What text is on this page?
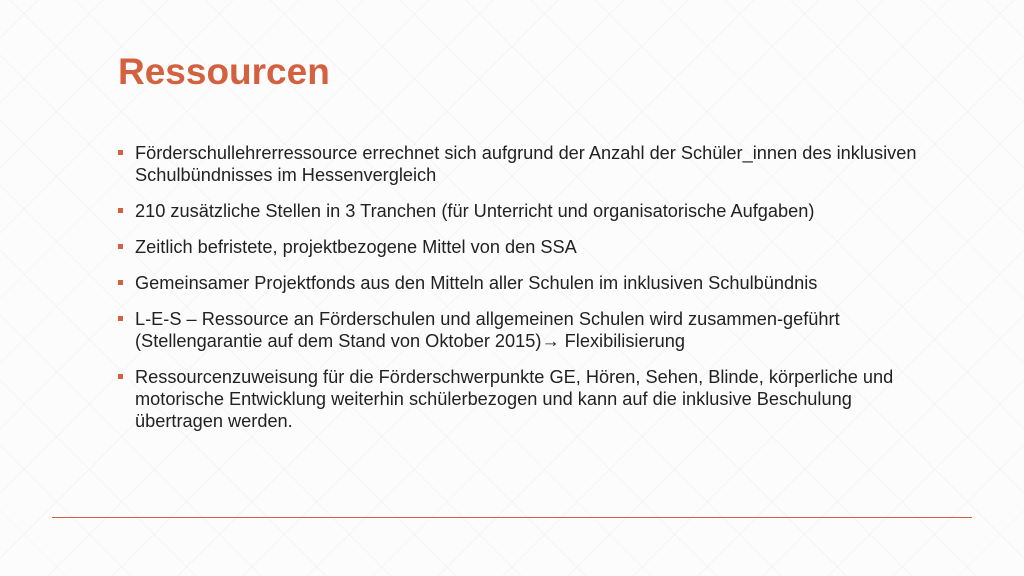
Ressourcen
Förderschullehrerressource errechnet sich aufgrund der Anzahl der Schüler_innen des inklusiven Schulbündnisses im Hessenvergleich
210 zusätzliche Stellen in 3 Tranchen (für Unterricht und organisatorische Aufgaben)
Zeitlich befristete, projektbezogene Mittel von den SSA
Gemeinsamer Projektfonds aus den Mitteln aller Schulen im inklusiven Schulbündnis
L-E-S – Ressource an Förderschulen und allgemeinen Schulen wird zusammen-geführt (Stellengarantie auf dem Stand von Oktober 2015)→ Flexibilisierung
Ressourcenzuweisung für die Förderschwerpunkte GE, Hören, Sehen, Blinde, körperliche und motorische Entwicklung weiterhin schülerbezogen und kann auf die inklusive Beschulung übertragen werden.
